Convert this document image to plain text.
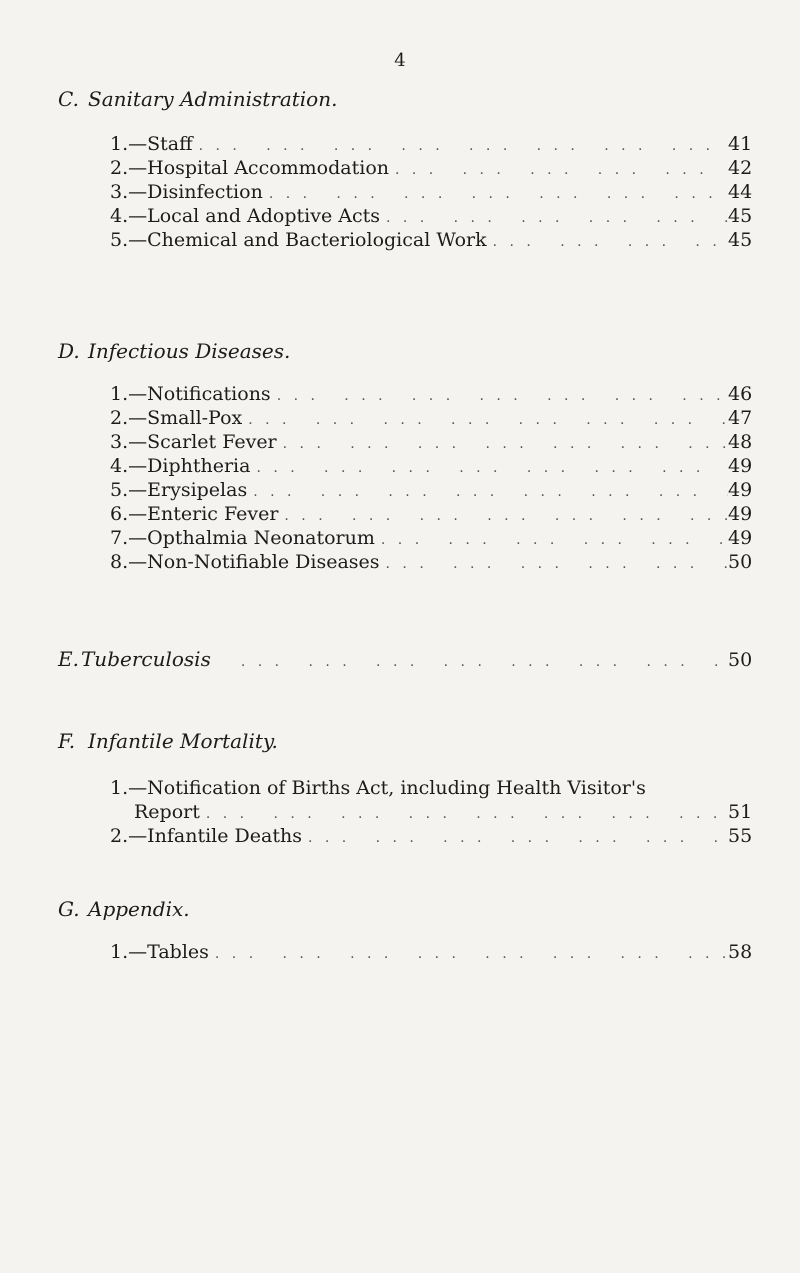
4
C. Sanitary Administration.
1.—Staff . . .	41
2.—Hospital Accommodation . . .	42
3.—Disinfection . . .	44
4.—Local and Adoptive Acts . . .	45
5.—Chemical and Bacteriological Work . . .	45
D. Infectious Diseases.
1.—Notifications . . .	46
2.—Small-Pox . . .	47
3.—Scarlet Fever . . .	48
4.—Diphtheria . . .	49
5.—Erysipelas . . .	49
6.—Enteric Fever . . .	49
7.—Opthalmia Neonatorum . . .	49
8.—Non-Notifiable Diseases . . .	50
E. Tuberculosis . . .	50
F. Infantile Mortality.
1.—Notification of Births Act, including Health Visitor's
Report . . .	51
2.—Infantile Deaths . . .	55
G. Appendix.
1.—Tables . . .	58
